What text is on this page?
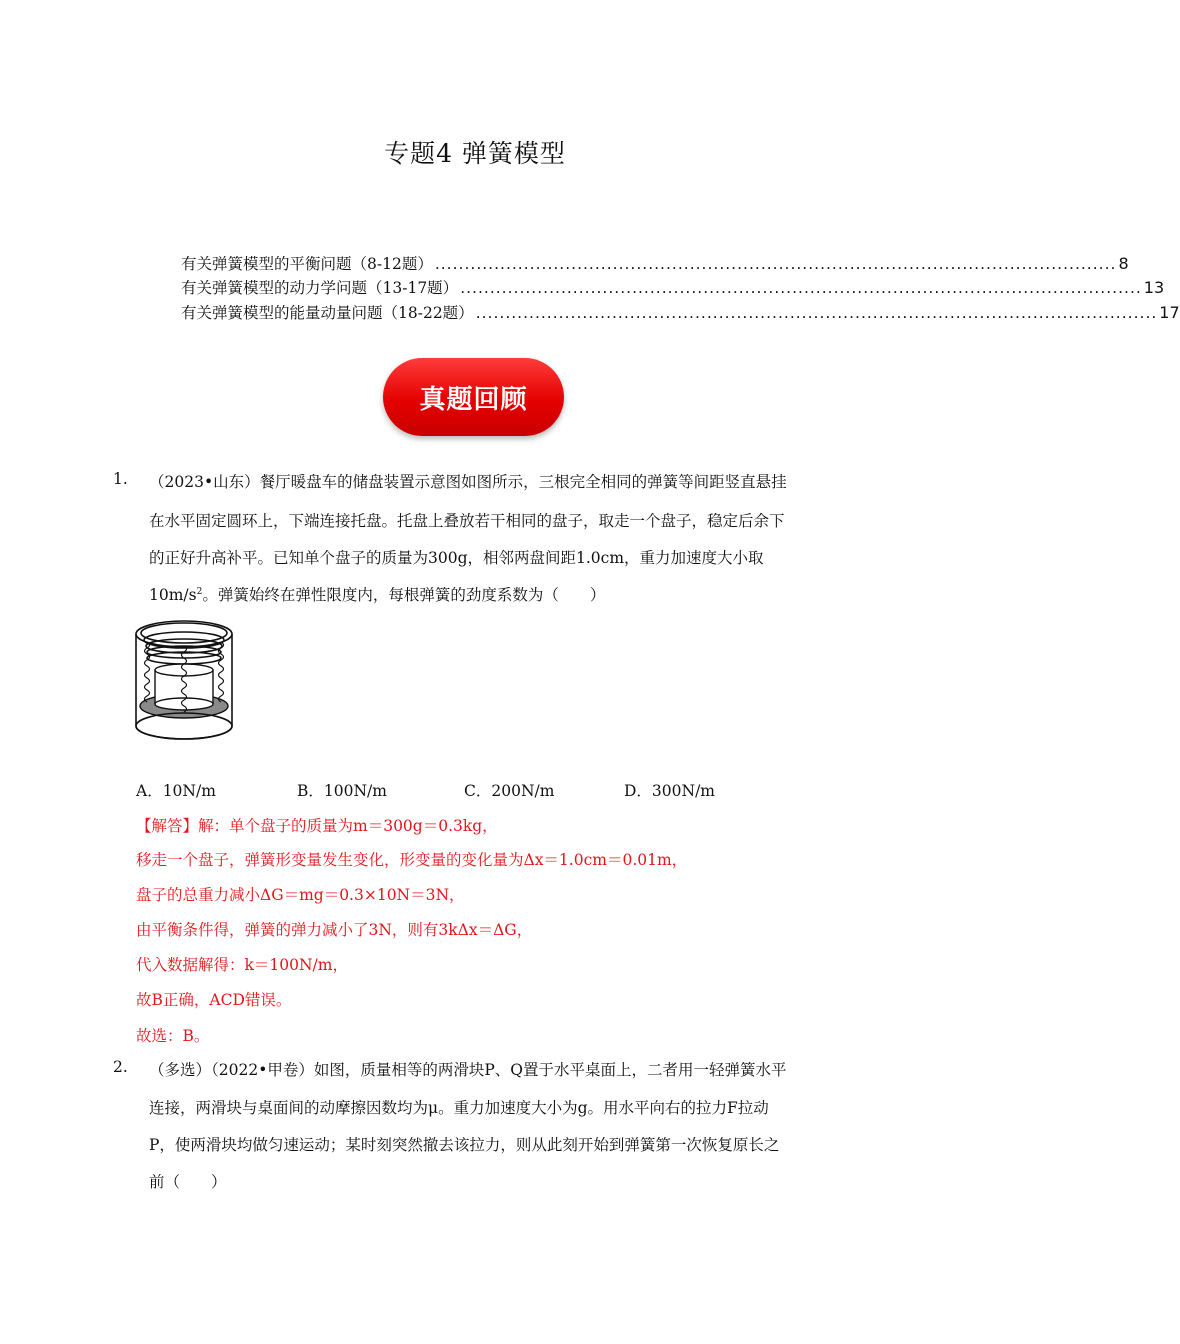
专题4 弹簧模型
有关弹簧模型的平衡问题（8-12题） ................................................................................................................... 8
有关弹簧模型的动力学问题（13-17题） ................................................................................................................... 13
有关弹簧模型的能量动量问题（18-22题） ................................................................................................................... 17
真题回顾
1. （2023•山东）餐厅暖盘车的储盘装置示意图如图所示，三根完全相同的弹簧等间距竖直悬挂
在水平固定圆环上，下端连接托盘。托盘上叠放若干相同的盘子，取走一个盘子，稳定后余下
的正好升高补平。已知单个盘子的质量为300g，相邻两盘间距1.0cm，重力加速度大小取
$10m/s^2$。弹簧始终在弹性限度内，每根弹簧的劲度系数为（　　）
A．10N/m	B．100N/m	C．200N/m	D．300N/m
【解答】解：单个盘子的质量为m＝300g＝0.3kg，
移走一个盘子，弹簧形变量发生变化，形变量的变化量为Δx＝1.0cm＝0.01m，
盘子的总重力减小ΔG＝mg＝0.3×10N＝3N，
由平衡条件得，弹簧的弹力减小了3N，则有3kΔx＝ΔG，
代入数据解得：k＝100N/m，
故B正确，ACD错误。
故选：B。
2. （多选）（2022•甲卷）如图，质量相等的两滑块P、Q置于水平桌面上，二者用一轻弹簧水平
连接，两滑块与桌面间的动摩擦因数均为μ。重力加速度大小为g。用水平向右的拉力F拉动
P，使两滑块均做匀速运动；某时刻突然撤去该拉力，则从此刻开始到弹簧第一次恢复原长之
前（　　）
